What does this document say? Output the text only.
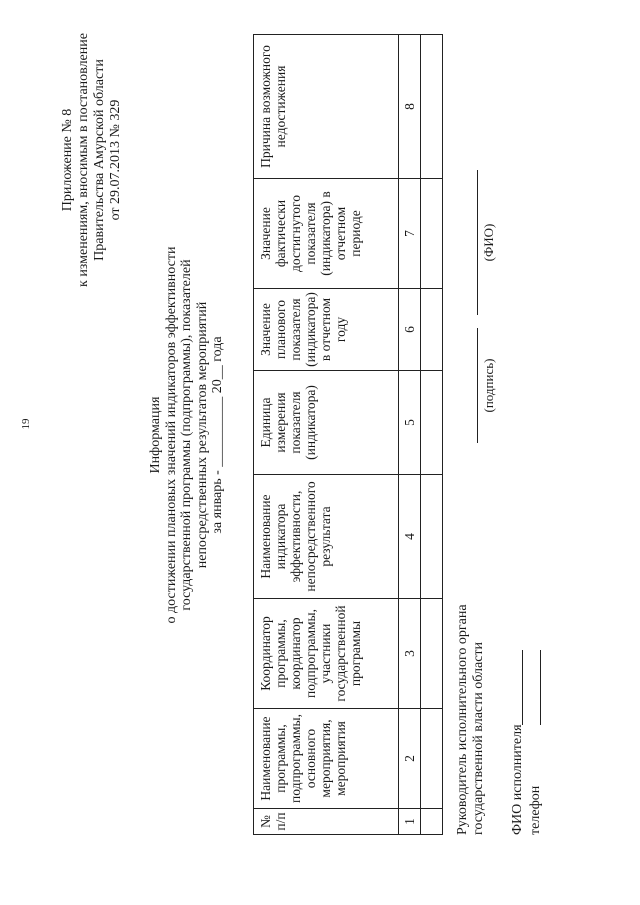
19
Приложение № 8 к изменениям, вносимым в постановление Правительства Амурской области от 29.07.2013 № 329
Информация о достижении плановых значений индикаторов эффективности государственной программы (подпрограммы), показателей непосредственных результатов мероприятий за январь - __________ 20__ года
№ п/п	Наименование программы, подпрограммы, основного мероприятия, мероприятия	Координатор программы, координатор подпрограммы, участники государственной программы	Наименование индикатора эффективности, непосредственного результата	Единица измерения показателя (индикатора)	Значение планового показателя (индикатора) в отчетном году	Значение фактически достигнутого показателя (индикатора) в отчетном периоде	Причина возможного недостижения
1	2	3	4	5	6	7	8

Руководитель исполнительного органа государственной власти области
(подпись)
(ФИО)
ФИО исполнителя телефон
